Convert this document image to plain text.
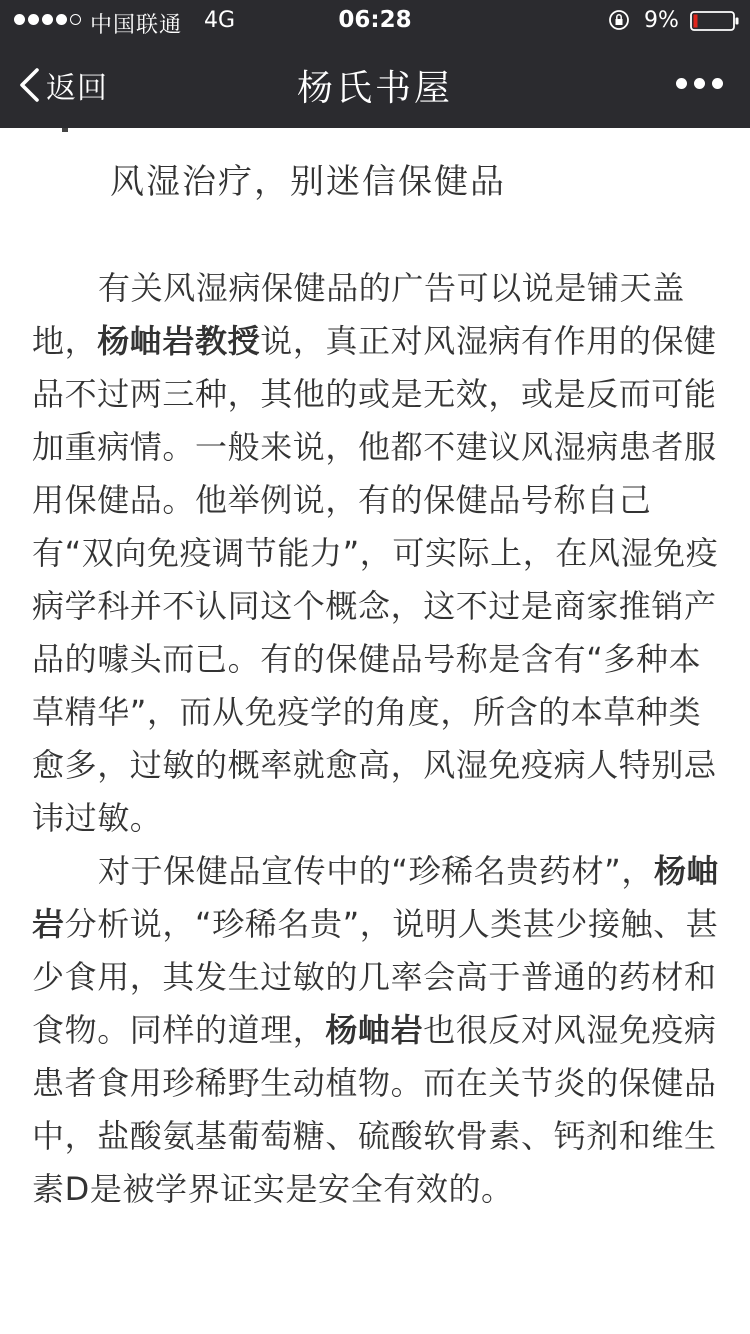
中国联通 4G	06:28	9%
返回	杨氏书屋
风湿治疗，别迷信保健品

有关风湿病保健品的广告可以说是铺天盖地，杨岫岩教授说，真正对风湿病有作用的保健品不过两三种，其他的或是无效，或是反而可能加重病情。一般来说，他都不建议风湿病患者服用保健品。他举例说，有的保健品号称自己有“双向免疫调节能力”，可实际上，在风湿免疫病学科并不认同这个概念，这不过是商家推销产品的噱头而已。有的保健品号称是含有“多种本草精华”，而从免疫学的角度，所含的本草种类愈多，过敏的概率就愈高，风湿免疫病人特别忌讳过敏。

对于保健品宣传中的“珍稀名贵药材”，杨岫岩分析说，“珍稀名贵”，说明人类甚少接触、甚少食用，其发生过敏的几率会高于普通的药材和食物。同样的道理，杨岫岩也很反对风湿免疫病患者食用珍稀野生动植物。而在关节炎的保健品中，盐酸氨基葡萄糖、硫酸软骨素、钙剂和维生素D是被学界证实是安全有效的。
